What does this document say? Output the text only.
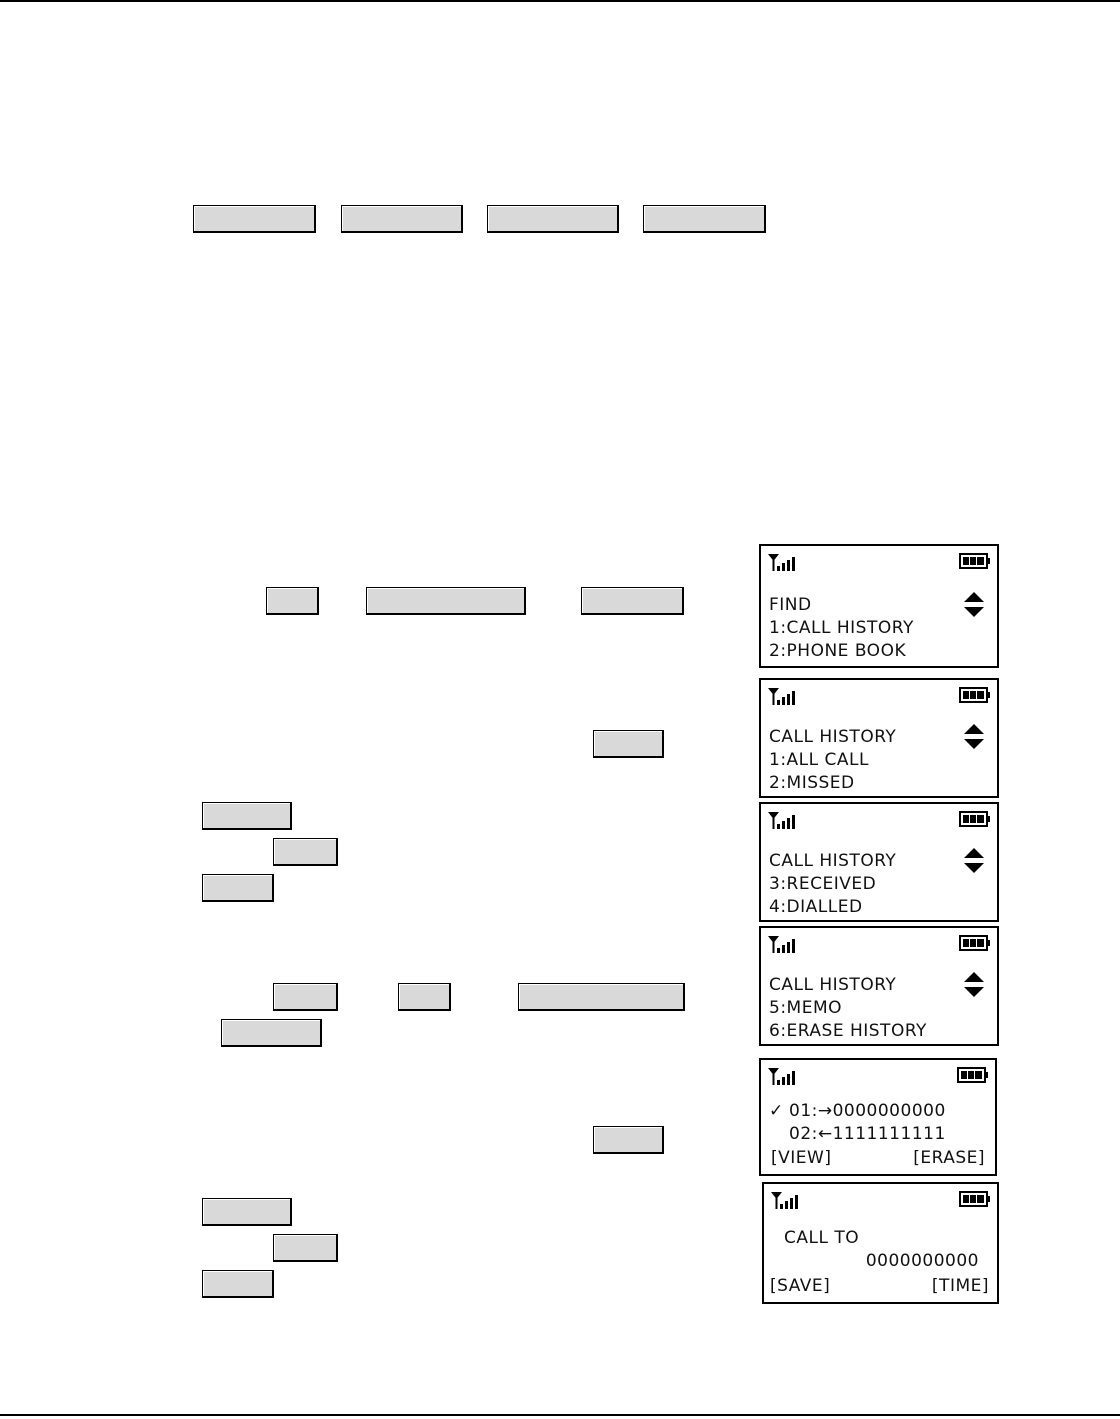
FIND
1:CALL HISTORY
2:PHONE BOOK
CALL HISTORY
1:ALL CALL
2:MISSED
CALL HISTORY
3:RECEIVED
4:DIALLED
CALL HISTORY
5:MEMO
6:ERASE HISTORY
✓ 01:→0000000000
02:←1111111111
[VIEW]	[ERASE]
CALL TO
0000000000
[SAVE]	[TIME]
